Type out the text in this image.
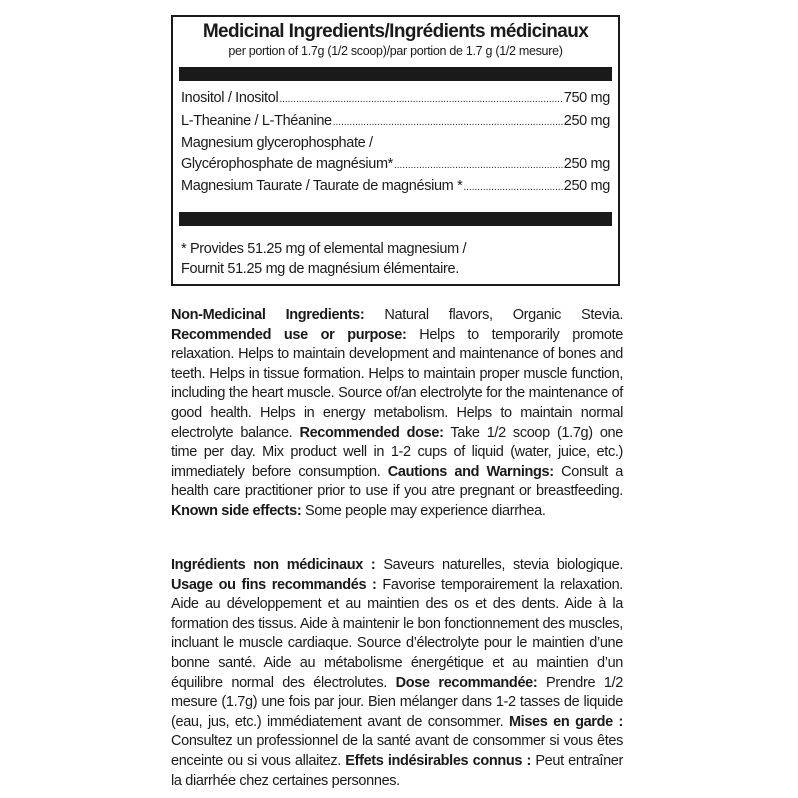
Medicinal Ingredients/Ingrédients médicinaux
per portion of 1.7g (1/2 scoop)/par portion de 1.7 g (1/2 mesure)
Inositol / Inositol .....	750 mg
L-Theanine / L-Théanine .....	250 mg
Magnesium glycerophosphate /
Glycérophosphate de magnésium* .....	250 mg
Magnesium Taurate / Taurate de magnésium * .....	250 mg
* Provides 51.25 mg of elemental magnesium /
Fournit 51.25 mg de magnésium élémentaire.
Non-Medicinal Ingredients: Natural flavors, Organic Stevia. Recommended use or purpose: Helps to temporarily promote relaxation. Helps to maintain development and maintenance of bones and teeth. Helps in tissue formation. Helps to maintain proper muscle function, including the heart muscle. Source of/an electrolyte for the maintenance of good health. Helps in energy metabolism. Helps to maintain normal electrolyte balance. Recommended dose: Take 1/2 scoop (1.7g) one time per day. Mix product well in 1-2 cups of liquid (water, juice, etc.) immediately before consumption. Cautions and Warnings: Consult a health care practitioner prior to use if you atre pregnant or breastfeeding. Known side effects: Some people may experience diarrhea.
Ingrédients non médicinaux : Saveurs naturelles, stevia biologique. Usage ou fins recommandés : Favorise temporairement la relaxation. Aide au développement et au maintien des os et des dents. Aide à la formation des tissus. Aide à maintenir le bon fonctionnement des muscles, incluant le muscle cardiaque. Source d’électrolyte pour le maintien d’une bonne santé. Aide au métabolisme énergétique et au maintien d’un équilibre normal des électrolutes. Dose recommandée: Prendre 1/2 mesure (1.7g) une fois par jour. Bien mélanger dans 1-2 tasses de liquide (eau, jus, etc.) immédiatement avant de consommer. Mises en garde : Consultez un professionnel de la santé avant de consommer si vous êtes enceinte ou si vous allaitez. Effets indésirables connus : Peut entraîner la diarrhée chez certaines personnes.
